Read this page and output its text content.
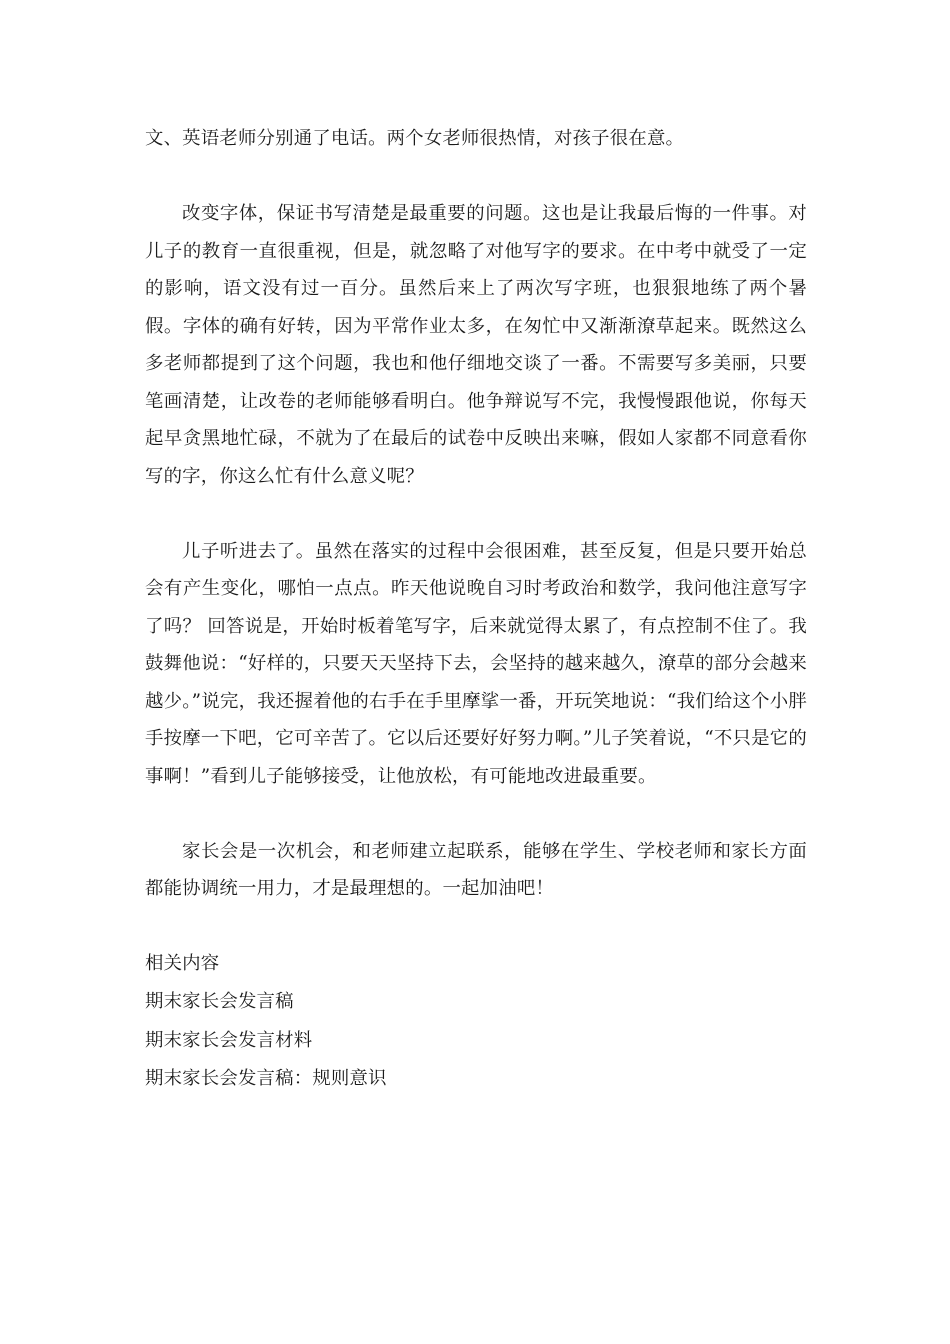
文、英语老师分别通了电话。两个女老师很热情，对孩子很在意。

改变字体，保证书写清楚是最重要的问题。这也是让我最后悔的一件事。对儿子的教育一直很重视，但是，就忽略了对他写字的要求。在中考中就受了一定的影响，语文没有过一百分。虽然后来上了两次写字班，也狠狠地练了两个暑假。字体的确有好转，因为平常作业太多，在匆忙中又渐渐潦草起来。既然这么多老师都提到了这个问题，我也和他仔细地交谈了一番。不需要写多美丽，只要笔画清楚，让改卷的老师能够看明白。他争辩说写不完，我慢慢跟他说，你每天起早贪黑地忙碌，不就为了在最后的试卷中反映出来嘛，假如人家都不同意看你写的字，你这么忙有什么意义呢？

儿子听进去了。虽然在落实的过程中会很困难，甚至反复，但是只要开始总会有产生变化，哪怕一点点。昨天他说晚自习时考政治和数学，我问他注意写字了吗？ 回答说是，开始时板着笔写字，后来就觉得太累了，有点控制不住了。我鼓舞他说：“好样的，只要天天坚持下去，会坚持的越来越久，潦草的部分会越来越少。”说完，我还握着他的右手在手里摩挲一番，开玩笑地说：“我们给这个小胖手按摩一下吧，它可辛苦了。它以后还要好好努力啊。”儿子笑着说，“不只是它的事啊！”看到儿子能够接受，让他放松，有可能地改进最重要。

家长会是一次机会，和老师建立起联系，能够在学生、学校老师和家长方面都能协调统一用力，才是最理想的。一起加油吧！

相关内容

期末家长会发言稿

期末家长会发言材料

期末家长会发言稿：规则意识
